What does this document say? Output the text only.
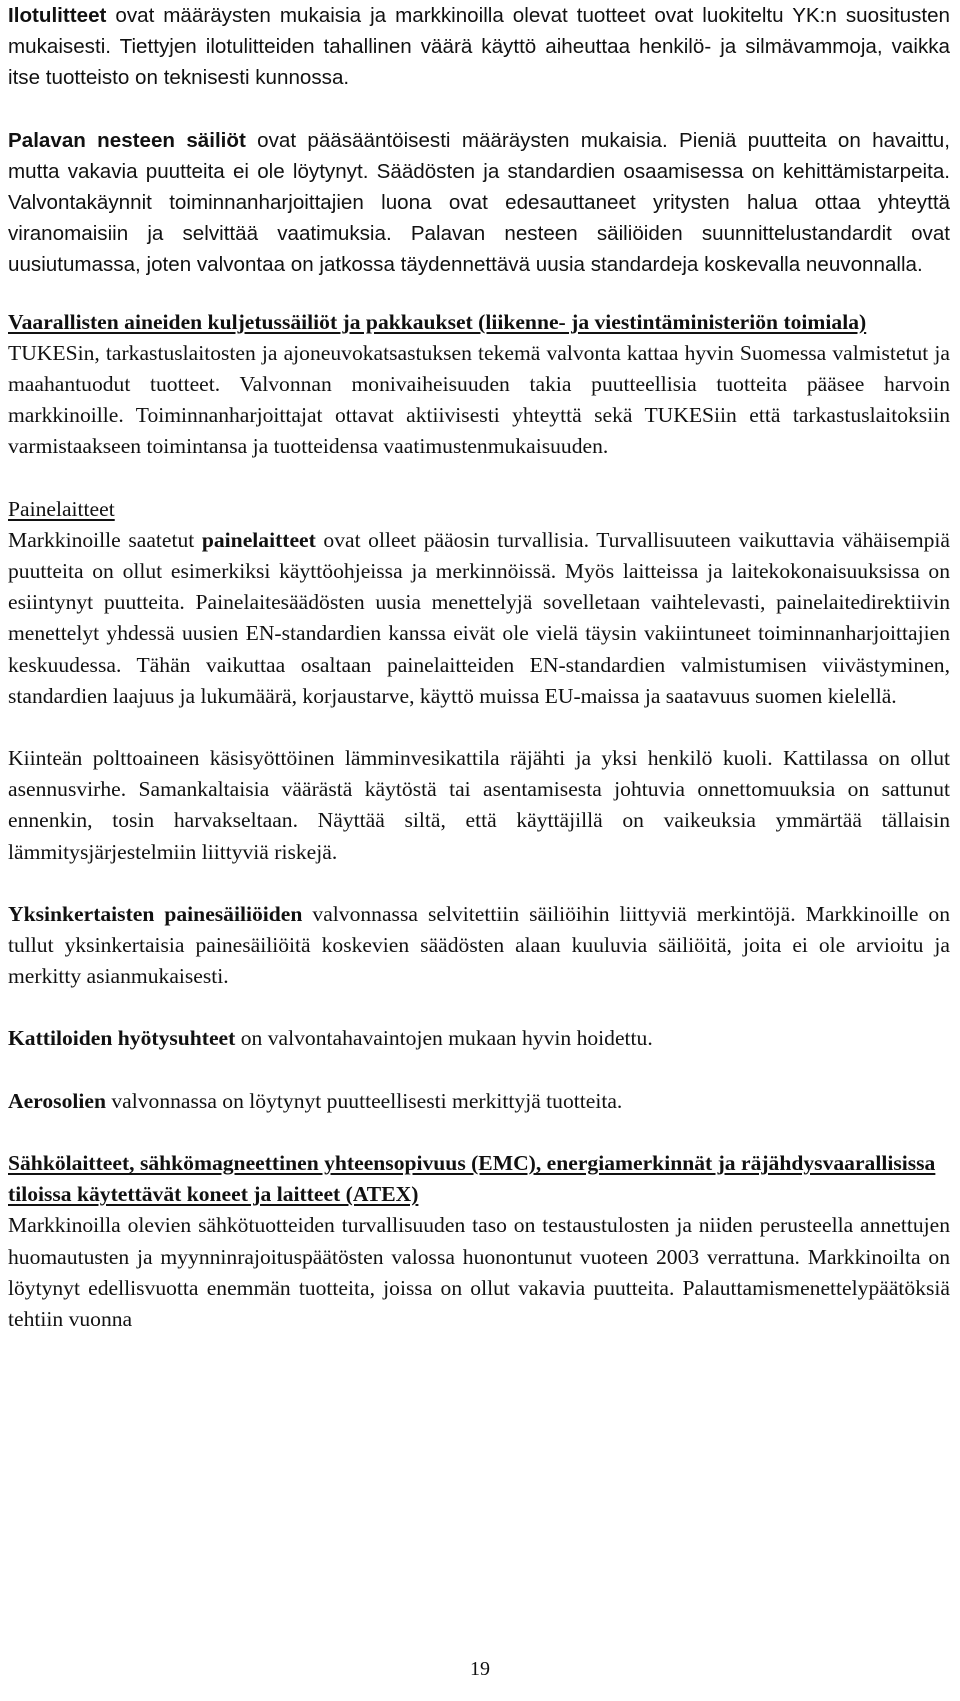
Ilotulitteet ovat määräysten mukaisia ja markkinoilla olevat tuotteet ovat luokiteltu YK:n suositusten mukaisesti. Tiettyjen ilotulitteiden tahallinen väärä käyttö aiheuttaa henkilö- ja silmävammoja, vaikka itse tuotteisto on teknisesti kunnossa.

Palavan nesteen säiliöt ovat pääsääntöisesti määräysten mukaisia. Pieniä puutteita on havaittu, mutta vakavia puutteita ei ole löytynyt. Säädösten ja standardien osaamisessa on kehittämistarpeita. Valvontakäynnit toiminnanharjoittajien luona ovat edesauttaneet yritysten halua ottaa yhteyttä viranomaisiin ja selvittää vaatimuksia. Palavan nesteen säiliöiden suunnittelustandardit ovat uusiutumassa, joten valvontaa on jatkossa täydennettävä uusia standardeja koskevalla neuvonnalla.

Vaarallisten aineiden kuljetussäiliöt ja pakkaukset (liikenne- ja viestintäministeriön toimiala)

TUKESin, tarkastuslaitosten ja ajoneuvokatsastuksen tekemä valvonta kattaa hyvin Suomessa valmistetut ja maahantuodut tuotteet. Valvonnan monivaiheisuuden takia puutteellisia tuotteita pääsee harvoin markkinoille. Toiminnanharjoittajat ottavat aktiivisesti yhteyttä sekä TUKESiin että tarkastuslaitoksiin varmistaakseen toimintansa ja tuotteidensa vaatimustenmukaisuuden.

Painelaitteet

Markkinoille saatetut painelaitteet ovat olleet pääosin turvallisia. Turvallisuuteen vaikuttavia vähäisempiä puutteita on ollut esimerkiksi käyttöohjeissa ja merkinnöissä. Myös laitteissa ja laitekokonaisuuksissa on esiintynyt puutteita. Painelaitesäädösten uusia menettelyjä sovelletaan vaihtelevasti, painelaitedirektiivin menettelyt yhdessä uusien EN-standardien kanssa eivät ole vielä täysin vakiintuneet toiminnanharjoittajien keskuudessa. Tähän vaikuttaa osaltaan painelaitteiden EN-standardien valmistumisen viivästyminen, standardien laajuus ja lukumäärä, korjaustarve, käyttö muissa EU-maissa ja saatavuus suomen kielellä.

Kiinteän polttoaineen käsisyöttöinen lämminvesikattila räjähti ja yksi henkilö kuoli. Kattilassa on ollut asennusvirhe. Samankaltaisia väärästä käytöstä tai asentamisesta johtuvia onnettomuuksia on sattunut ennenkin, tosin harvakseltaan. Näyttää siltä, että käyttäjillä on vaikeuksia ymmärtää tällaisin lämmitysjärjestelmiin liittyviä riskejä.

Yksinkertaisten painesäiliöiden valvonnassa selvitettiin säiliöihin liittyviä merkintöjä. Markkinoille on tullut yksinkertaisia painesäiliöitä koskevien säädösten alaan kuuluvia säiliöitä, joita ei ole arvioitu ja merkitty asianmukaisesti.

Kattiloiden hyötysuhteet on valvontahavaintojen mukaan hyvin hoidettu.

Aerosolien valvonnassa on löytynyt puutteellisesti merkittyjä tuotteita.

Sähkölaitteet, sähkömagneettinen yhteensopivuus (EMC), energiamerkinnät ja räjähdysvaarallisissa tiloissa käytettävät koneet ja laitteet (ATEX)

Markkinoilla olevien sähkötuotteiden turvallisuuden taso on testaustulosten ja niiden perusteella annettujen huomautusten ja myynninrajoituspäätösten valossa huonontunut vuoteen 2003 verrattuna. Markkinoilta on löytynyt edellisvuotta enemmän tuotteita, joissa on ollut vakavia puutteita. Palauttamismenettelypäätöksiä tehtiin vuonna

19
